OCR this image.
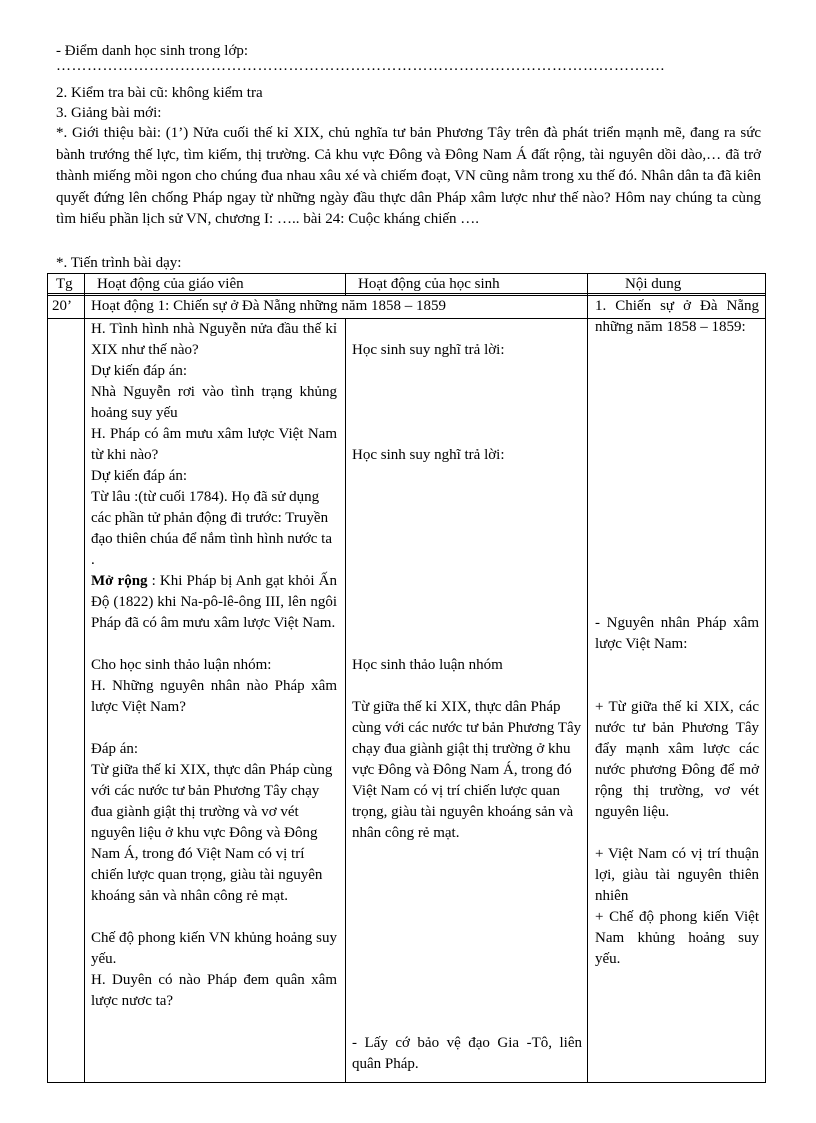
- Điểm danh học sinh trong lớp:
……………………………………………………………………………………………………….
2. Kiểm tra bài cũ: không kiểm tra
3. Giảng bài mới:
*. Giới thiệu bài: (1’) Nửa cuối thế kỉ XIX, chủ nghĩa tư bản Phương Tây trên đà phát triển mạnh mẽ, đang ra sức bành trướng thế lực, tìm kiếm, thị trường. Cả khu vực Đông và Đông Nam Á đất rộng, tài nguyên dồi dào,… đã trở thành miếng mồi ngon cho chúng đua nhau xâu xé và chiếm đoạt, VN cũng nằm trong xu thế đó. Nhân dân ta đã kiên quyết đứng lên chống Pháp ngay từ những ngày đầu thực dân Pháp xâm lược như thế nào? Hôm nay chúng ta cùng tìm hiểu phần lịch sử VN, chương I: ….. bài 24: Cuộc kháng chiến ….
*. Tiến trình bài dạy:
Tg Hoạt động của giáo viên	Hoạt động của học sinh	Nội dung
20’ Hoạt động 1: Chiến sự ở Đà Nẵng những năm 1858 – 1859
H. Tình hình nhà Nguyễn nửa đầu thế kỉ XIX như thế nào?
Dự kiến đáp án:
Nhà Nguyễn rơi vào tình trạng khủng hoảng suy yếu
H. Pháp có âm mưu xâm lược Việt Nam từ khi nào?
Dự kiến đáp án:
Từ lâu :(từ cuối 1784). Họ đã sử dụng các phần tử phản động đi trước: Truyền đạo thiên chúa để nắm tình hình nước ta .
Mở rộng : Khi Pháp bị Anh gạt khỏi Ấn Độ (1822) khi Na-pô-lê-ông III, lên ngôi Pháp đã có âm mưu xâm lược Việt Nam.
Cho học sinh thảo luận nhóm:
H. Những nguyên nhân nào Pháp xâm lược Việt Nam?
Đáp án:
Từ giữa thế kỉ XIX, thực dân Pháp cùng với các nước tư bản Phương Tây chạy đua giành giật thị trường và vơ vét nguyên liệu ở khu vực Đông và Đông Nam Á, trong đó Việt Nam có vị trí chiến lược quan trọng, giàu tài nguyên khoáng sản và nhân công rẻ mạt.
Chế độ phong kiến VN khủng hoảng suy yếu.
H. Duyên có nào Pháp đem quân xâm lược nươc ta?
Học sinh suy nghĩ trả lời:
Học sinh suy nghĩ trả lời:
Học sinh thảo luận nhóm
Từ giữa thế kỉ XIX, thực dân Pháp cùng với các nước tư bản Phương Tây chạy đua giành giật thị trường ở khu vực Đông và Đông Nam Á, trong đó Việt Nam có vị trí chiến lược quan trọng, giàu tài nguyên khoáng sản và nhân công rẻ mạt.
- Lấy cớ bảo vệ đạo Gia -Tô, liên quân Pháp.
1. Chiến sự ở Đà Nẵng những năm 1858 – 1859:
- Nguyên nhân Pháp xâm lược Việt Nam:
+ Từ giữa thế kỉ XIX, các nước tư bản Phương Tây đẩy mạnh xâm lược các nước phương Đông để mở rộng thị trường, vơ vét nguyên liệu.
+ Việt Nam có vị trí thuận lợi, giàu tài nguyên thiên nhiên
+ Chế độ phong kiến Việt Nam khủng hoảng suy yếu.
